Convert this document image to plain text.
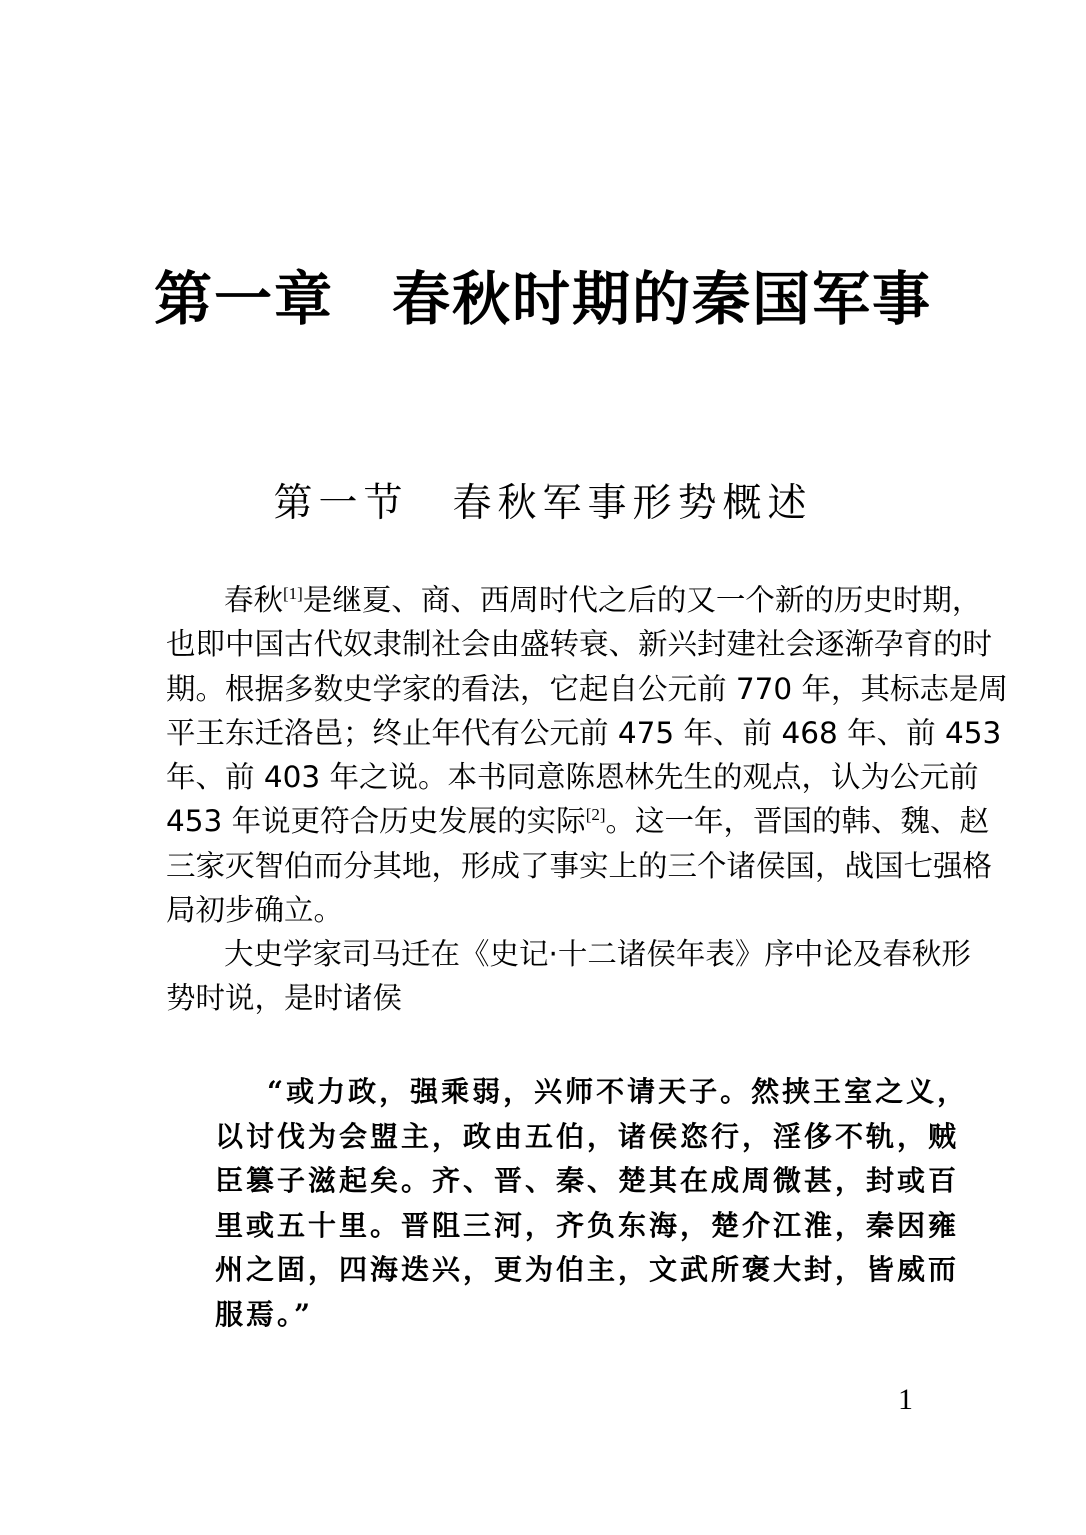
第一章 春秋时期的秦国军事
第一节 春秋军事形势概述
春秋[1]是继夏、商、西周时代之后的又一个新的历史时期，
也即中国古代奴隶制社会由盛转衰、新兴封建社会逐渐孕育的时
期。根据多数史学家的看法，它起自公元前 770 年，其标志是周
平王东迁洛邑；终止年代有公元前 475 年、前 468 年、前 453
年、前 403 年之说。本书同意陈恩林先生的观点，认为公元前
453 年说更符合历史发展的实际[2]。这一年，晋国的韩、魏、赵
三家灭智伯而分其地，形成了事实上的三个诸侯国，战国七强格
局初步确立。
大史学家司马迁在《史记·十二诸侯年表》序中论及春秋形
势时说，是时诸侯
“或力政，强乘弱，兴师不请天子。然挟王室之义，
以讨伐为会盟主，政由五伯，诸侯恣行，淫侈不轨，贼
臣篡子滋起矣。齐、晋、秦、楚其在成周微甚，封或百
里或五十里。晋阻三河，齐负东海，楚介江淮，秦因雍
州之固，四海迭兴，更为伯主，文武所褒大封，皆威而
服焉。”
1
